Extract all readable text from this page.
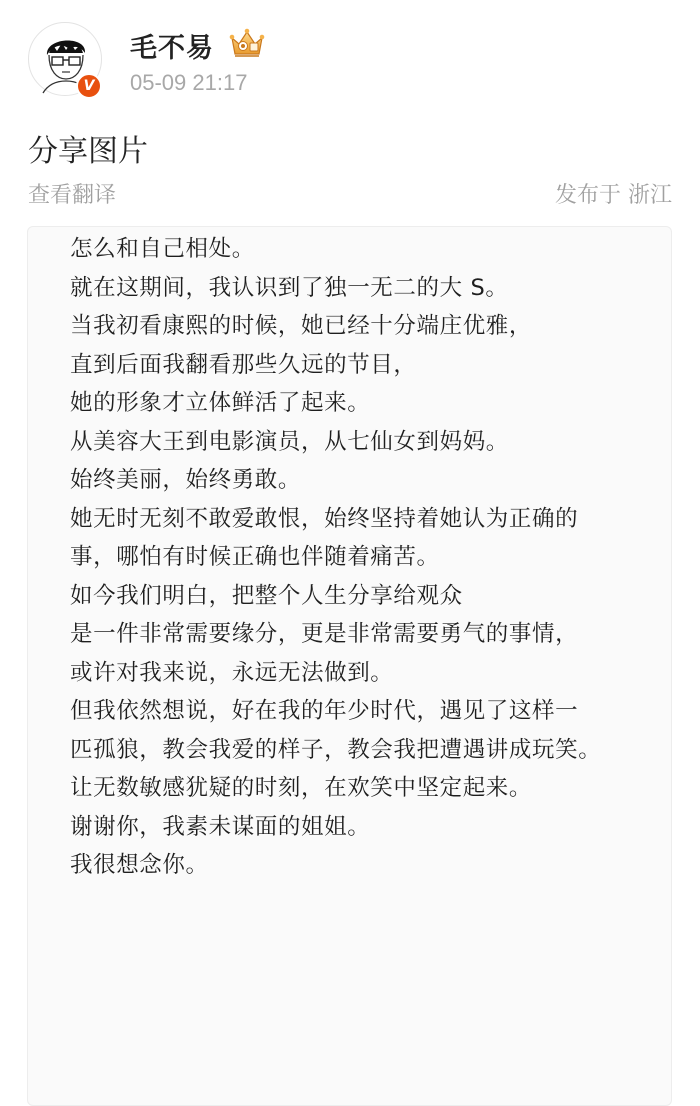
V
毛不易
05-09 21:17
分享图片
查看翻译	发布于 浙江
怎么和自己相处。
就在这期间，我认识到了独一无二的大 S。
当我初看康熙的时候，她已经十分端庄优雅，
直到后面我翻看那些久远的节目，
她的形象才立体鲜活了起来。
从美容大王到电影演员，从七仙女到妈妈。
始终美丽，始终勇敢。
她无时无刻不敢爱敢恨，始终坚持着她认为正确的
事，哪怕有时候正确也伴随着痛苦。
如今我们明白，把整个人生分享给观众
是一件非常需要缘分，更是非常需要勇气的事情，
或许对我来说，永远无法做到。
但我依然想说，好在我的年少时代，遇见了这样一
匹孤狼，教会我爱的样子，教会我把遭遇讲成玩笑。
让无数敏感犹疑的时刻，在欢笑中坚定起来。
谢谢你，我素未谋面的姐姐。
我很想念你。
